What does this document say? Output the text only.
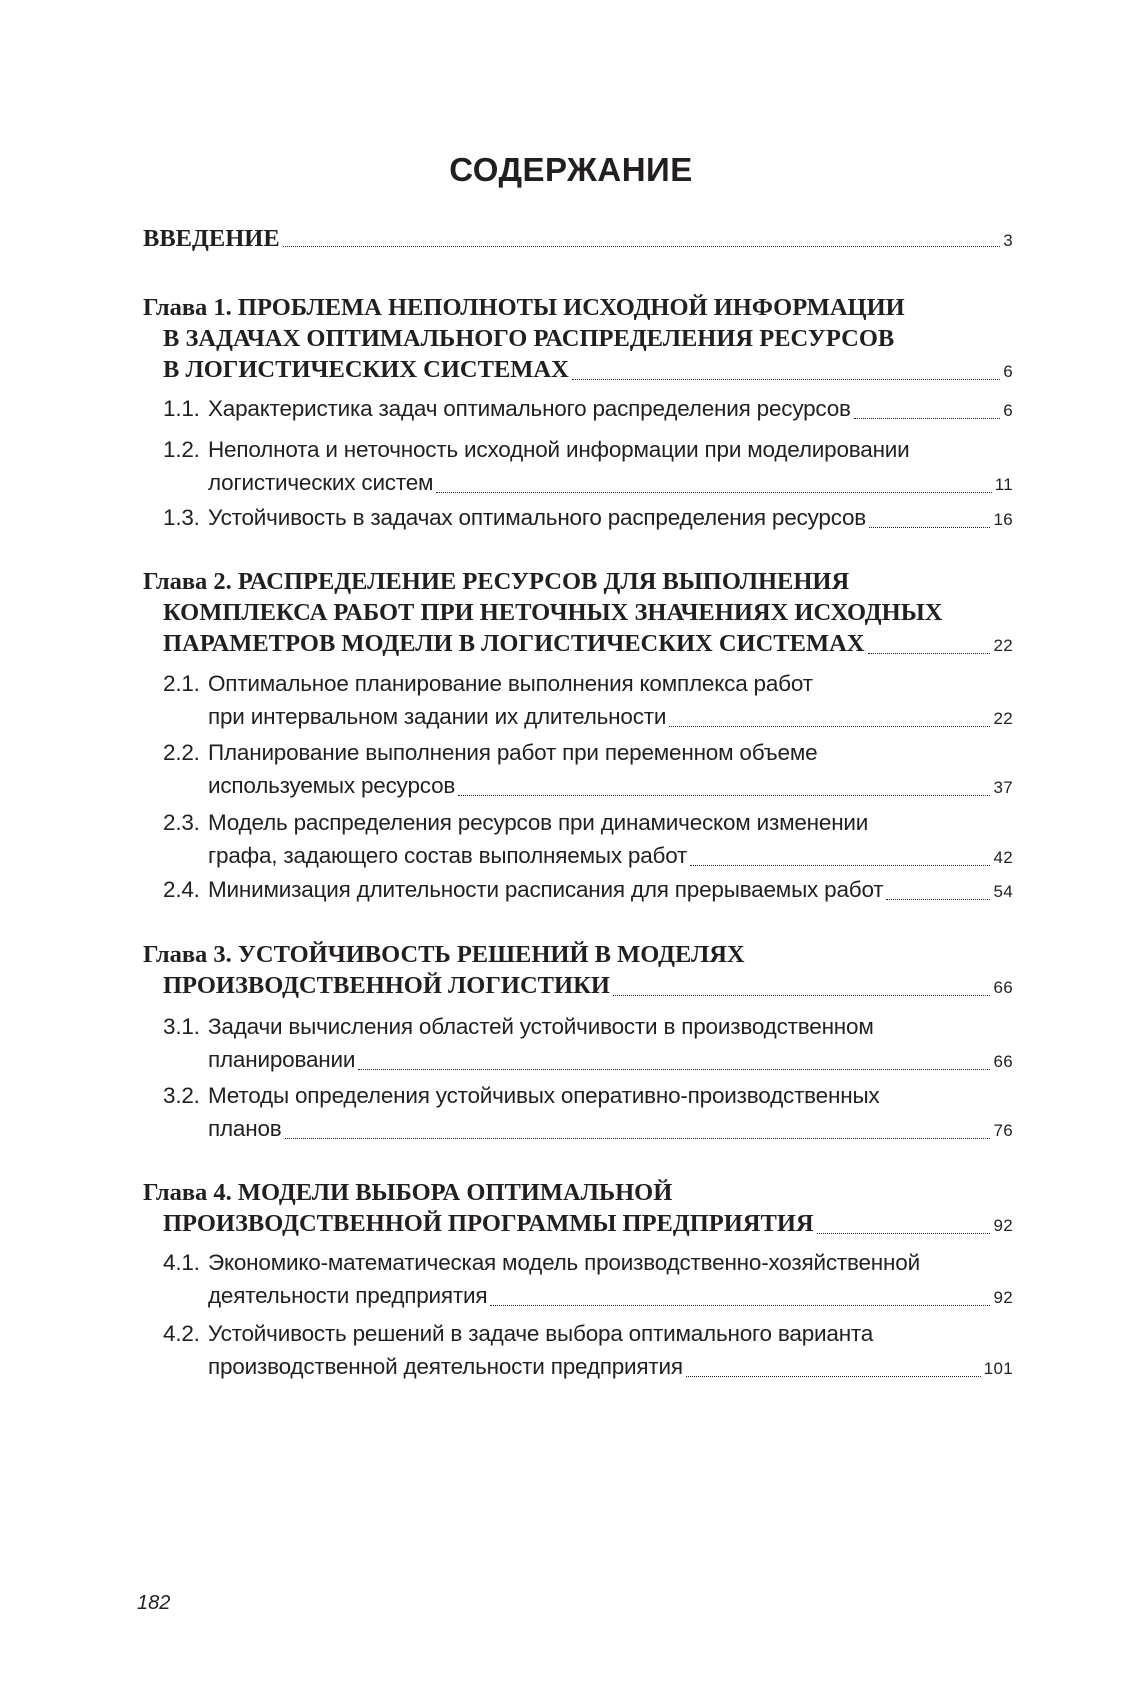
СОДЕРЖАНИЕ
ВВЕДЕНИЕ	3
Глава 1. ПРОБЛЕМА НЕПОЛНОТЫ ИСХОДНОЙ ИНФОРМАЦИИ
В ЗАДАЧАХ ОПТИМАЛЬНОГО РАСПРЕДЕЛЕНИЯ РЕСУРСОВ
В ЛОГИСТИЧЕСКИХ СИСТЕМАХ	6
1.1. Характеристика задач оптимального распределения ресурсов	6
1.2. Неполнота и неточность исходной информации при моделировании
логистических систем	11
1.3. Устойчивость в задачах оптимального распределения ресурсов	16
Глава 2. РАСПРЕДЕЛЕНИЕ РЕСУРСОВ ДЛЯ ВЫПОЛНЕНИЯ
КОМПЛЕКСА РАБОТ ПРИ НЕТОЧНЫХ ЗНАЧЕНИЯХ ИСХОДНЫХ
ПАРАМЕТРОВ МОДЕЛИ В ЛОГИСТИЧЕСКИХ СИСТЕМАХ	22
2.1. Оптимальное планирование выполнения комплекса работ
при интервальном задании их длительности	22
2.2. Планирование выполнения работ при переменном объеме
используемых ресурсов	37
2.3. Модель распределения ресурсов при динамическом изменении
графа, задающего состав выполняемых работ	42
2.4. Минимизация длительности расписания для прерываемых работ	54
Глава 3. УСТОЙЧИВОСТЬ РЕШЕНИЙ В МОДЕЛЯХ
ПРОИЗВОДСТВЕННОЙ ЛОГИСТИКИ	66
3.1. Задачи вычисления областей устойчивости в производственном
планировании	66
3.2. Методы определения устойчивых оперативно-производственных
планов	76
Глава 4. МОДЕЛИ ВЫБОРА ОПТИМАЛЬНОЙ
ПРОИЗВОДСТВЕННОЙ ПРОГРАММЫ ПРЕДПРИЯТИЯ	92
4.1. Экономико-математическая модель производственно-хозяйственной
деятельности предприятия	92
4.2. Устойчивость решений в задаче выбора оптимального варианта
производственной деятельности предприятия	101
182
